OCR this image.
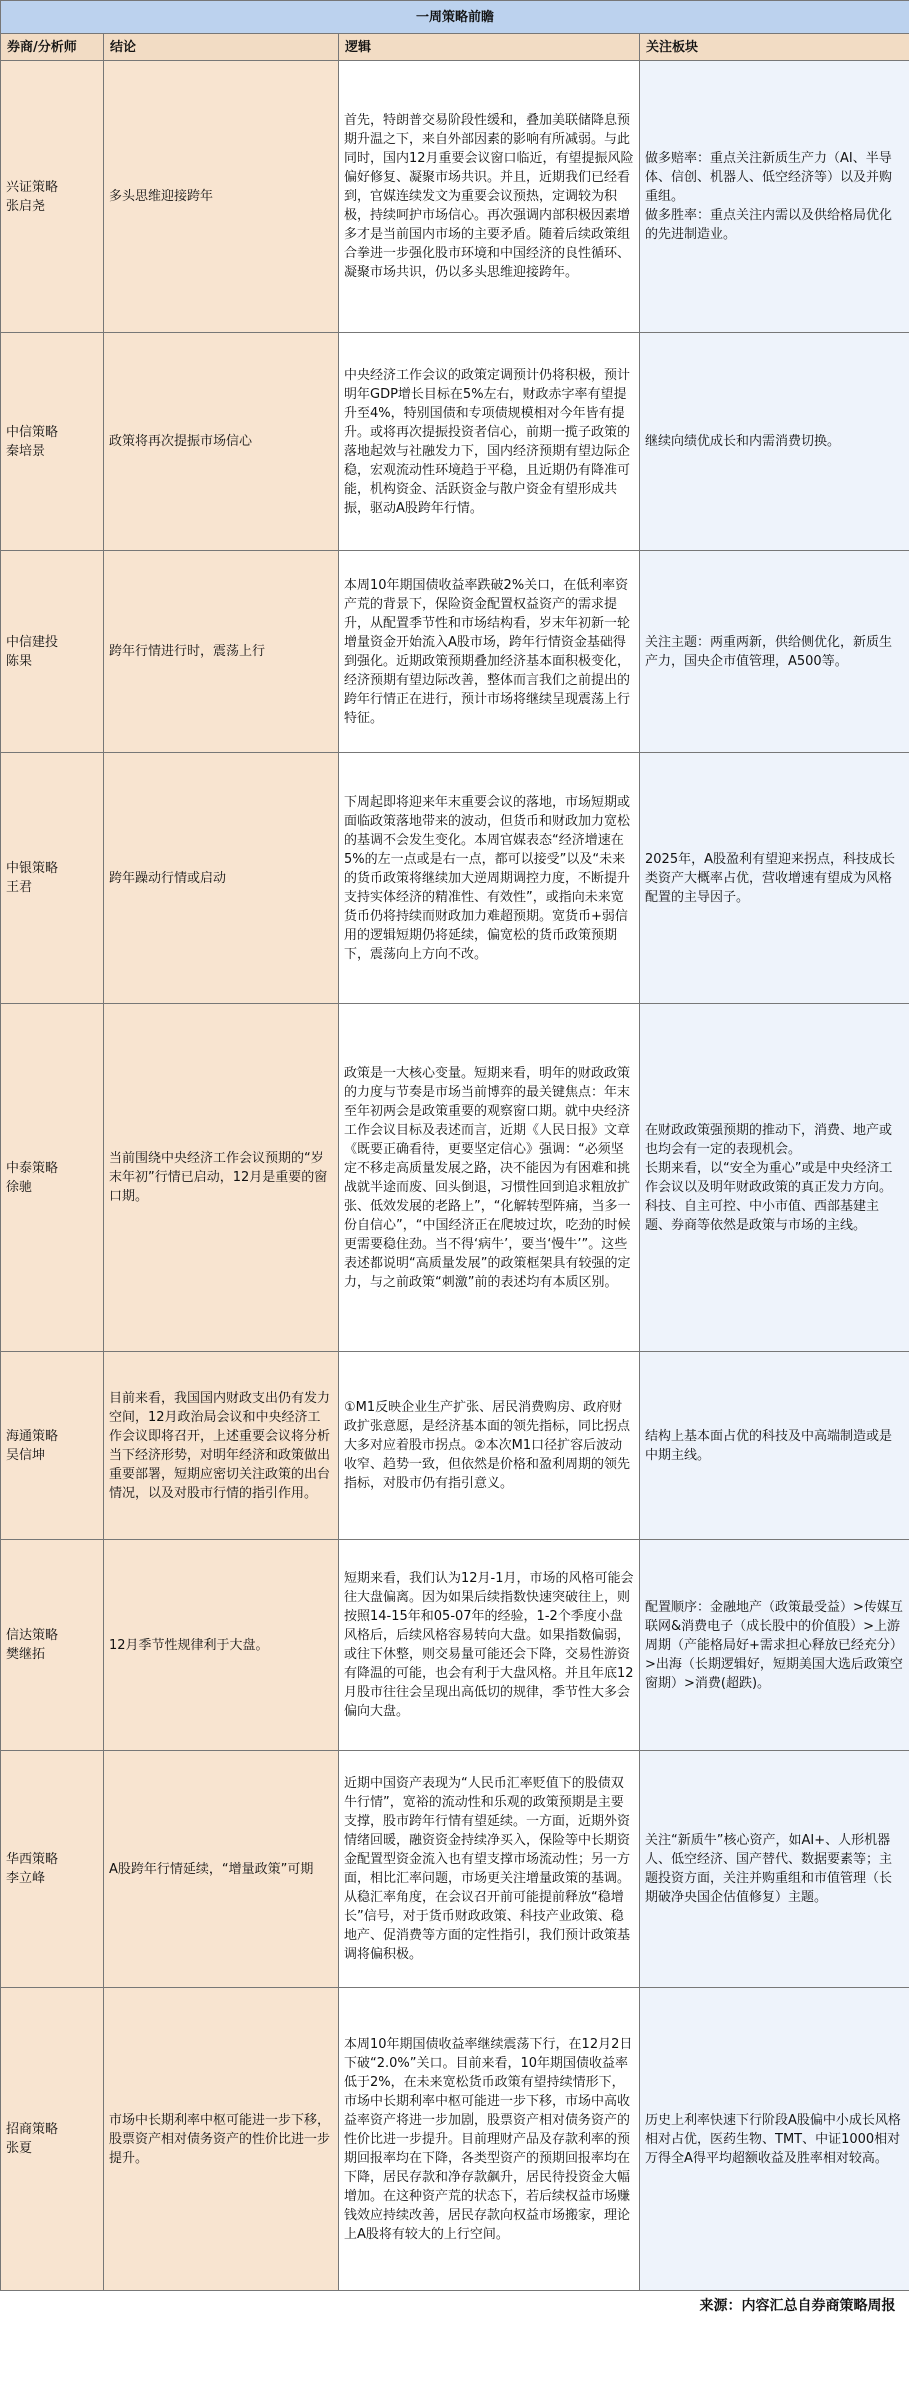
一周策略前瞻			
券商/分析师	结论	逻辑	关注板块

兴证策略
张启尧	多头思维迎接跨年	首先，特朗普交易阶段性缓和，叠加美联储降息预期升温之下，来自外部因素的影响有所减弱。与此同时，国内12月重要会议窗口临近，有望提振风险偏好修复、凝聚市场共识。并且，近期我们已经看到，官媒连续发文为重要会议预热，定调较为积极，持续呵护市场信心。再次强调内部积极因素增多才是当前国内市场的主要矛盾。随着后续政策组合拳进一步强化股市环境和中国经济的良性循环、凝聚市场共识，仍以多头思维迎接跨年。	做多赔率：重点关注新质生产力（AI、半导体、信创、机器人、低空经济等）以及并购重组。
做多胜率：重点关注内需以及供给格局优化的先进制造业。

中信策略
秦培景	政策将再次提振市场信心	中央经济工作会议的政策定调预计仍将积极，预计明年GDP增长目标在5%左右，财政赤字率有望提升至4%，特别国债和专项债规模相对今年皆有提升。或将再次提振投资者信心，前期一揽子政策的落地起效与社融发力下，国内经济预期有望边际企稳，宏观流动性环境趋于平稳，且近期仍有降准可能，机构资金、活跃资金与散户资金有望形成共振，驱动A股跨年行情。	继续向绩优成长和内需消费切换。

中信建投
陈果	跨年行情进行时，震荡上行	本周10年期国债收益率跌破2%关口，在低利率资产荒的背景下，保险资金配置权益资产的需求提升，从配置季节性和市场结构看，岁末年初新一轮增量资金开始流入A股市场，跨年行情资金基础得到强化。近期政策预期叠加经济基本面积极变化，经济预期有望边际改善，整体而言我们之前提出的跨年行情正在进行，预计市场将继续呈现震荡上行特征。	关注主题：两重两新，供给侧优化，新质生产力，国央企市值管理，A500等。

中银策略
王君	跨年躁动行情或启动	下周起即将迎来年末重要会议的落地，市场短期或面临政策落地带来的波动，但货币和财政加力宽松的基调不会发生变化。本周官媒表态“经济增速在5%的左一点或是右一点，都可以接受”以及“未来的货币政策将继续加大逆周期调控力度，不断提升支持实体经济的精准性、有效性”，或指向未来宽货币仍将持续而财政加力难超预期。宽货币+弱信用的逻辑短期仍将延续，偏宽松的货币政策预期下，震荡向上方向不改。	2025年，A股盈利有望迎来拐点，科技成长类资产大概率占优，营收增速有望成为风格配置的主导因子。

中泰策略
徐驰	当前围绕中央经济工作会议预期的“岁末年初”行情已启动，12月是重要的窗口期。	政策是一大核心变量。短期来看，明年的财政政策的力度与节奏是市场当前博弈的最关键焦点：年末至年初两会是政策重要的观察窗口期。就中央经济工作会议目标及表述而言，近期《人民日报》文章《既要正确看待，更要坚定信心》强调：“必须坚定不移走高质量发展之路，决不能因为有困难和挑战就半途而废、回头倒退，习惯性回到追求粗放扩张、低效发展的老路上”，“化解转型阵痛，当多一份自信心”，“中国经济正在爬坡过坎，吃劲的时候更需要稳住劲。当不得‘病牛’，要当‘慢牛’”。这些表述都说明“高质量发展”的政策框架具有较强的定力，与之前政策“刺激”前的表述均有本质区别。	在财政政策强预期的推动下，消费、地产或也均会有一定的表现机会。
长期来看，以“安全为重心”或是中央经济工作会议以及明年财政政策的真正发力方向。科技、自主可控、中小市值、西部基建主题、券商等依然是政策与市场的主线。

海通策略
吴信坤	目前来看，我国国内财政支出仍有发力空间，12月政治局会议和中央经济工作会议即将召开，上述重要会议将分析当下经济形势，对明年经济和政策做出重要部署，短期应密切关注政策的出台情况，以及对股市行情的指引作用。	①M1反映企业生产扩张、居民消费购房、政府财政扩张意愿，是经济基本面的领先指标，同比拐点大多对应着股市拐点。②本次M1口径扩容后波动收窄、趋势一致，但依然是价格和盈利周期的领先指标，对股市仍有指引意义。	结构上基本面占优的科技及中高端制造或是中期主线。

信达策略
樊继拓	12月季节性规律利于大盘。	短期来看，我们认为12月-1月，市场的风格可能会往大盘偏离。因为如果后续指数快速突破往上，则按照14-15年和05-07年的经验，1-2个季度小盘风格后，后续风格容易转向大盘。如果指数偏弱，或往下休整，则交易量可能还会下降，交易性游资有降温的可能，也会有利于大盘风格。并且年底12月股市往往会呈现出高低切的规律，季节性大多会偏向大盘。	配置顺序：金融地产（政策最受益）>传媒互联网&消费电子（成长股中的价值股）>上游周期（产能格局好+需求担心释放已经充分）>出海（长期逻辑好，短期美国大选后政策空窗期）>消费(超跌)。

华西策略
李立峰	A股跨年行情延续，“增量政策”可期	近期中国资产表现为“人民币汇率贬值下的股债双牛行情”，宽裕的流动性和乐观的政策预期是主要支撑，股市跨年行情有望延续。一方面，近期外资情绪回暖，融资资金持续净买入，保险等中长期资金配置型资金流入也有望支撑市场流动性；另一方面，相比汇率问题，市场更关注增量政策的基调。从稳汇率角度，在会议召开前可能提前释放“稳增长”信号，对于货币财政政策、科技产业政策、稳地产、促消费等方面的定性指引，我们预计政策基调将偏积极。	关注“新质牛”核心资产，如AI+、人形机器人、低空经济、国产替代、数据要素等；主题投资方面，关注并购重组和市值管理（长期破净央国企估值修复）主题。

招商策略
张夏	市场中长期利率中枢可能进一步下移，股票资产相对债务资产的性价比进一步提升。	本周10年期国债收益率继续震荡下行，在12月2日下破“2.0%”关口。目前来看，10年期国债收益率低于2%，在未来宽松货币政策有望持续情形下，市场中长期利率中枢可能进一步下移，市场中高收益率资产将进一步加剧，股票资产相对债务资产的性价比进一步提升。目前理财产品及存款利率的预期回报率均在下降，各类型资产的预期回报率均在下降，居民存款和净存款飙升，居民待投资金大幅增加。在这种资产荒的状态下，若后续权益市场赚钱效应持续改善，居民存款向权益市场搬家，理论上A股将有较大的上行空间。	历史上利率快速下行阶段A股偏中小成长风格相对占优，医药生物、TMT、中证1000相对万得全A得平均超额收益及胜率相对较高。

来源：内容汇总自券商策略周报			
